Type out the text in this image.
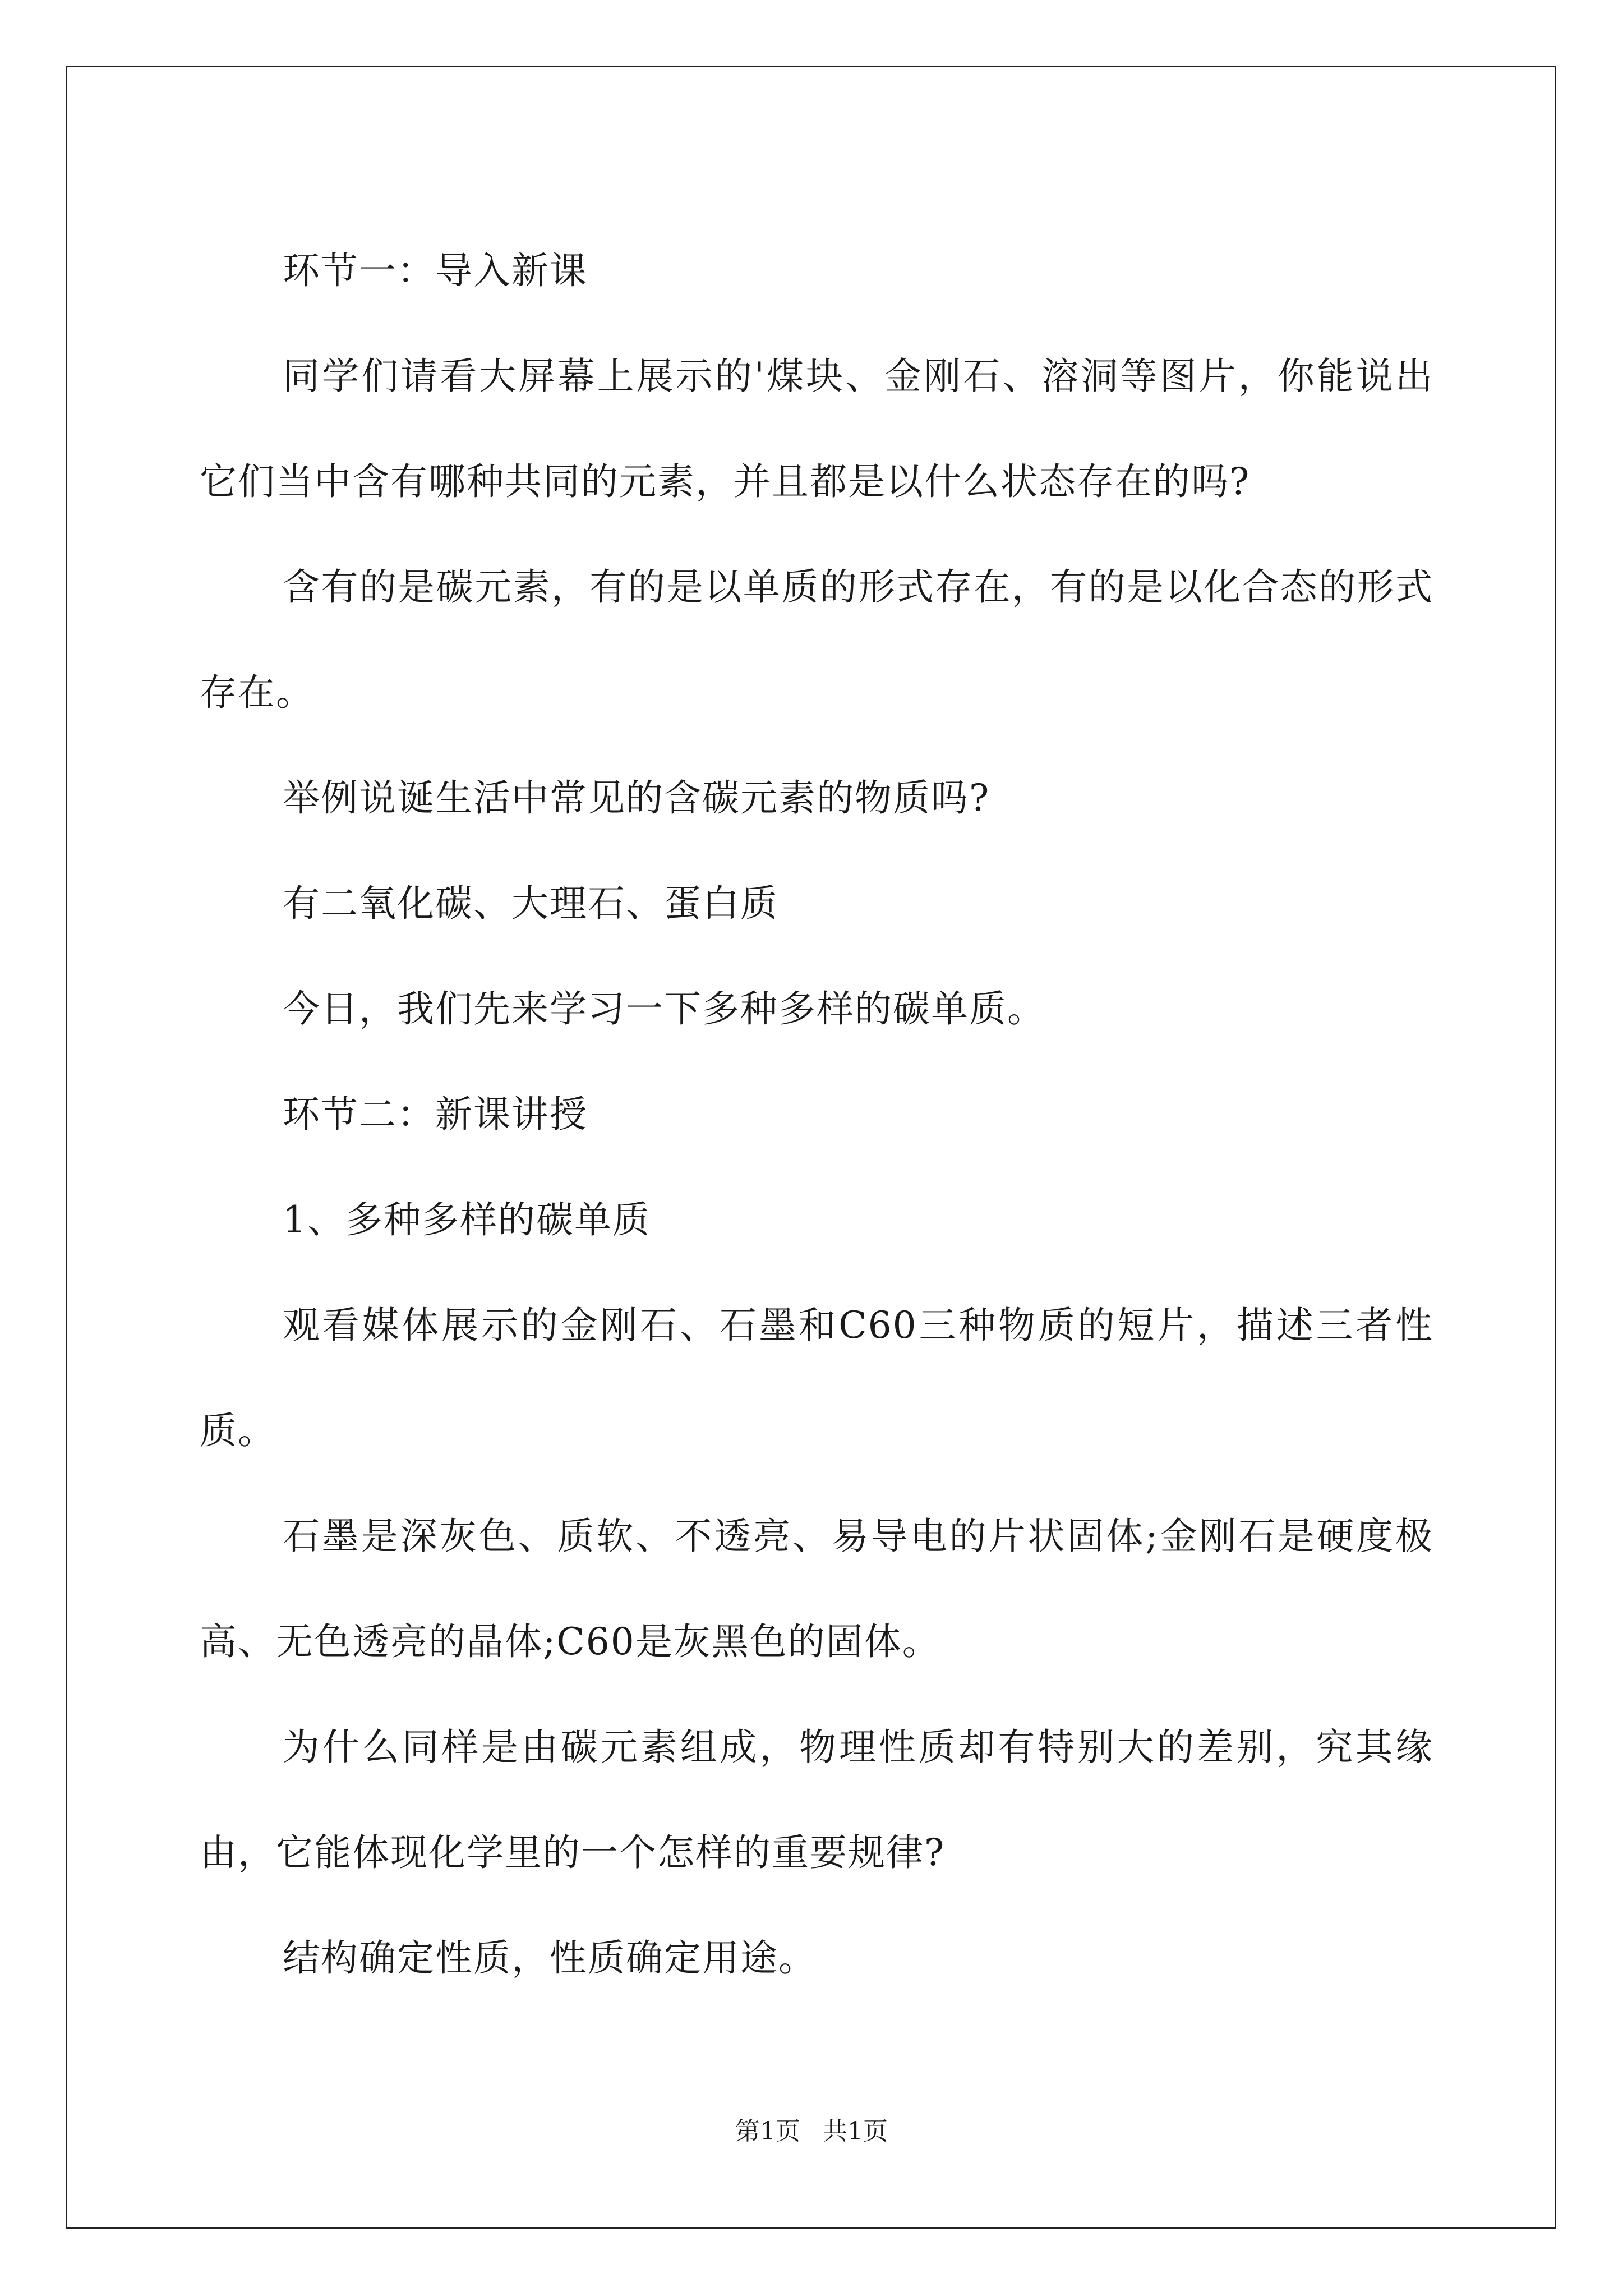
环节一：导入新课

同学们请看大屏幕上展示的'煤块、金刚石、溶洞等图片，你能说出它们当中含有哪种共同的元素，并且都是以什么状态存在的吗?

含有的是碳元素，有的是以单质的形式存在，有的是以化合态的形式存在。

举例说诞生活中常见的含碳元素的物质吗?

有二氧化碳、大理石、蛋白质

今日，我们先来学习一下多种多样的碳单质。

环节二：新课讲授

1、多种多样的碳单质

观看媒体展示的金刚石、石墨和C60三种物质的短片，描述三者性质。

石墨是深灰色、质软、不透亮、易导电的片状固体;金刚石是硬度极高、无色透亮的晶体;C60是灰黑色的固体。

为什么同样是由碳元素组成，物理性质却有特别大的差别，究其缘由，它能体现化学里的一个怎样的重要规律?

结构确定性质，性质确定用途。

第1页 共1页
